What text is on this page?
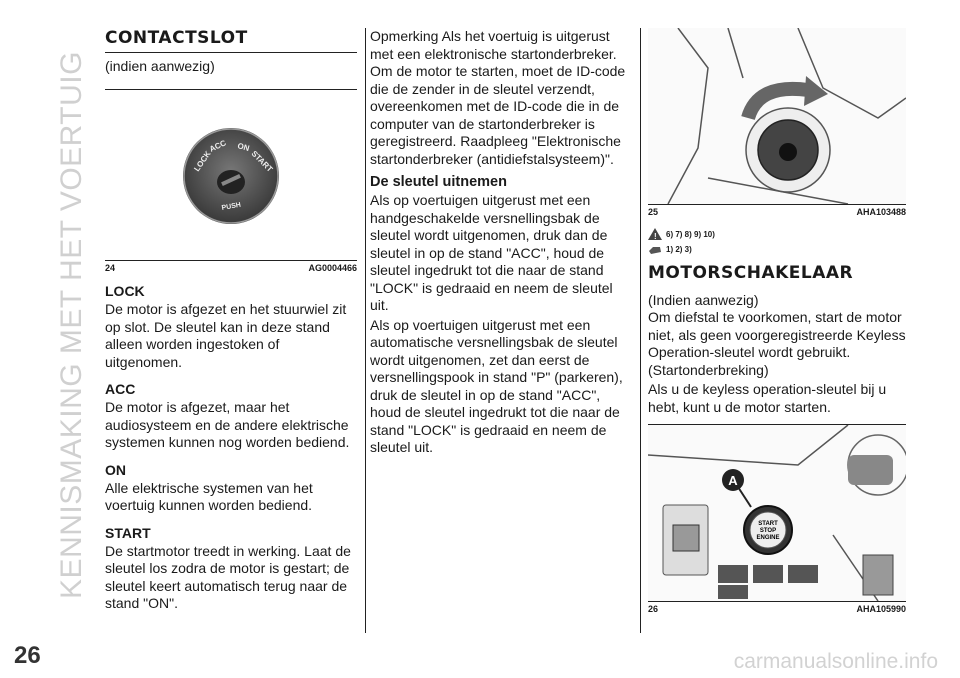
KENNISMAKING MET HET VOERTUIG
CONTACTSLOT
(indien aanwezig)
LOCK
ACC ON
START
PUSH
24	AG0004466
LOCK
De motor is afgezet en het stuurwiel zit op slot. De sleutel kan in deze stand alleen worden ingestoken of uitgenomen.
ACC
De motor is afgezet, maar het audiosysteem en de andere elektrische systemen kunnen nog worden bediend.
ON
Alle elektrische systemen van het voertuig kunnen worden bediend.
START
De startmotor treedt in werking. Laat de sleutel los zodra de motor is gestart; de sleutel keert automatisch terug naar de stand "ON".
Opmerking Als het voertuig is uitgerust met een elektronische startonderbreker. Om de motor te starten, moet de ID-code die de zender in de sleutel verzendt, overeenkomen met de ID-code die in de computer van de startonderbreker is geregistreerd. Raadpleeg "Elektronische startonderbreker (antidiefstalsysteem)".
De sleutel uitnemen
Als op voertuigen uitgerust met een handgeschakelde versnellingsbak de sleutel wordt uitgenomen, druk dan de sleutel in op de stand "ACC", houd de sleutel ingedrukt tot die naar de stand "LOCK" is gedraaid en neem de sleutel uit.
Als op voertuigen uitgerust met een automatische versnellingsbak de sleutel wordt uitgenomen, zet dan eerst de versnellingspook in stand "P" (parkeren), druk de sleutel in op de stand "ACC", houd de sleutel ingedrukt tot die naar de stand "LOCK" is gedraaid en neem de sleutel uit.
25	AHA103488
! 6) 7) 8) 9) 10)
1) 2) 3)
MOTORSCHAKELAAR
(Indien aanwezig)
Om diefstal te voorkomen, start de motor niet, als geen voorgeregistreerde Keyless Operation-sleutel wordt gebruikt. (Startonderbreking)
Als u de keyless operation-sleutel bij u hebt, kunt u de motor starten.
START
STOP
ENGINE
A
26	AHA105990
26	carmanualsonline.info
